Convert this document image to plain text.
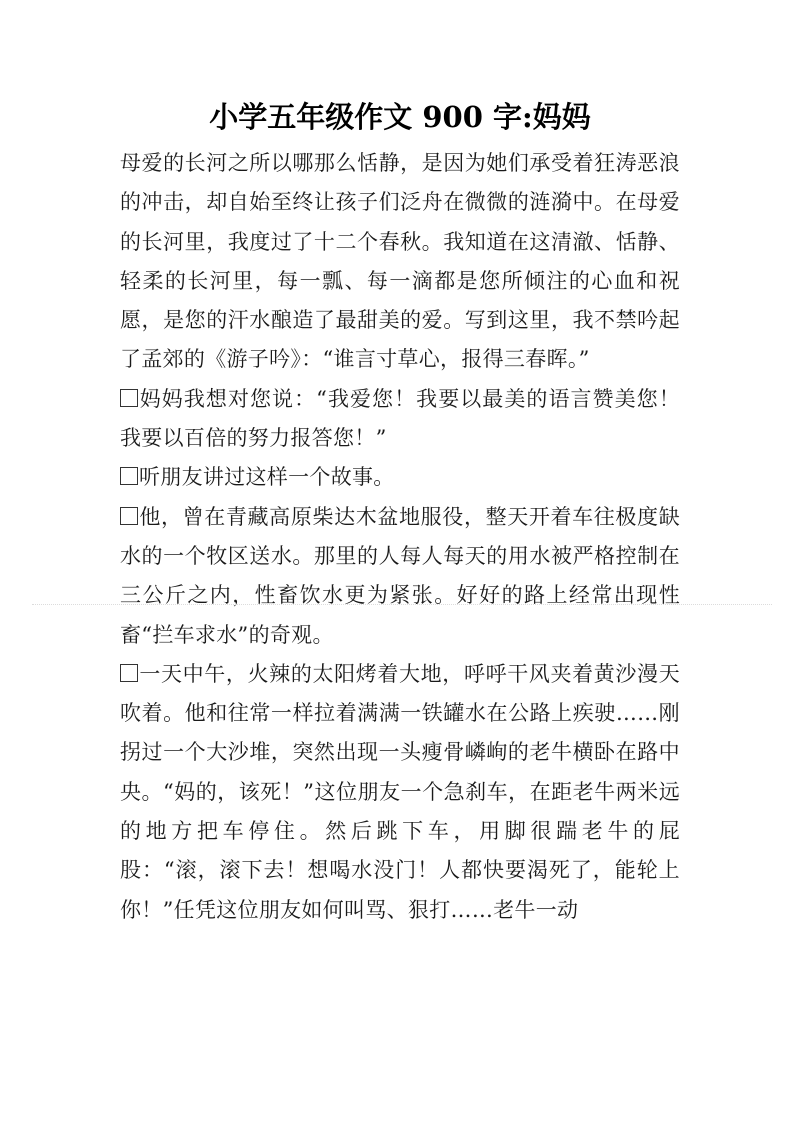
小学五年级作文 900 字:妈妈

母爱的长河之所以哪那么恬静，是因为她们承受着狂涛恶浪的冲击，却自始至终让孩子们泛舟在微微的涟漪中。在母爱的长河里，我度过了十二个春秋。我知道在这清澈、恬静、轻柔的长河里，每一瓢、每一滴都是您所倾注的心血和祝愿，是您的汗水酿造了最甜美的爱。写到这里，我不禁吟起了孟郊的《游子吟》：“谁言寸草心，报得三春晖。”

妈妈我想对您说：“我爱您！我要以最美的语言赞美您！我要以百倍的努力报答您！”

听朋友讲过这样一个故事。

他，曾在青藏高原柴达木盆地服役，整天开着车往极度缺水的一个牧区送水。那里的人每人每天的用水被严格控制在三公斤之内，性畜饮水更为紧张。好好的路上经常出现性畜“拦车求水”的奇观。

一天中午，火辣的太阳烤着大地，呼呼干风夹着黄沙漫天吹着。他和往常一样拉着满满一铁罐水在公路上疾驶……刚拐过一个大沙堆，突然出现一头瘦骨嶙峋的老牛横卧在路中央。“妈的，该死！”这位朋友一个急刹车，在距老牛两米远的地方把车停住。然后跳下车，用脚很踹老牛的屁股：“滚，滚下去！想喝水没门！人都快要渴死了，能轮上你！”任凭这位朋友如何叫骂、狠打……老牛一动
